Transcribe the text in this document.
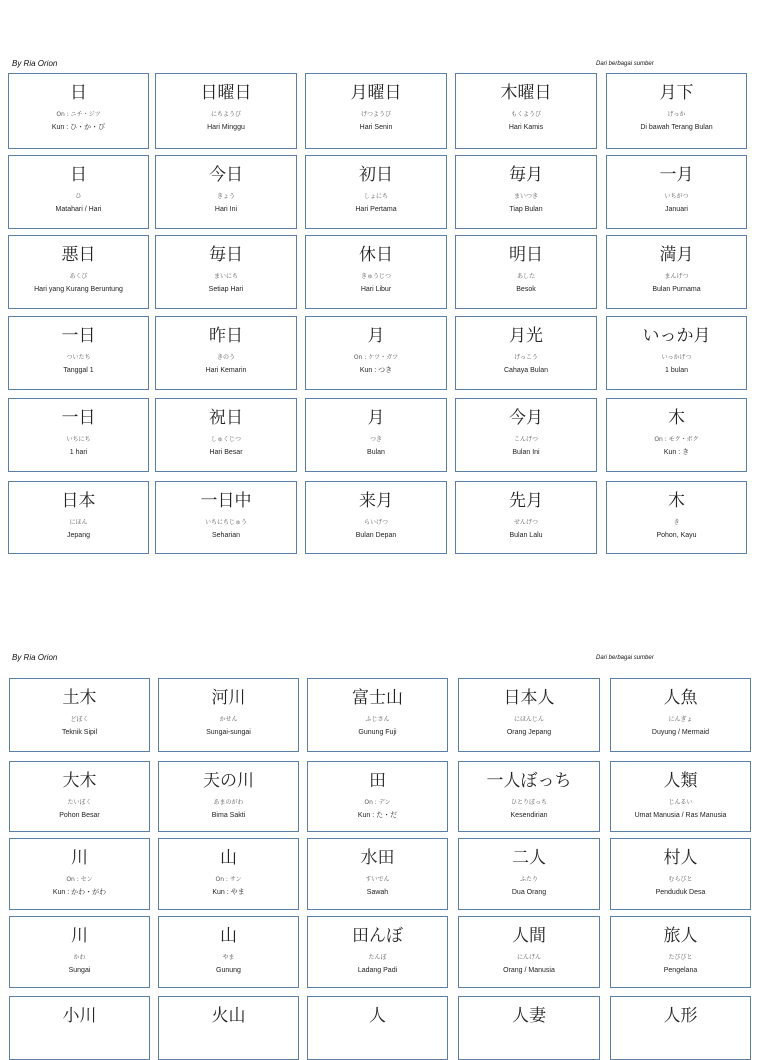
By Ria Orion	Dari berbagai sumber
日
On : ニチ・ジツ
Kun : ひ・か・び
日曜日
にちようび
Hari Minggu
月曜日
げつようび
Hari Senin
木曜日
もくようび
Hari Kamis
月下
げっか
Di bawah Terang Bulan
日
ひ
Matahari / Hari
今日
きょう
Hari Ini
初日
しょにち
Hari Pertama
毎月
まいつき
Tiap Bulan
一月
いちがつ
Januari
悪日
あくび
Hari yang Kurang Beruntung
毎日
まいにち
Setiap Hari
休日
きゅうじつ
Hari Libur
明日
あした
Besok
満月
まんげつ
Bulan Purnama
一日
ついたち
Tanggal 1
昨日
きのう
Hari Kemarin
月
On : ケツ・ガツ
Kun : つき
月光
げっこう
Cahaya Bulan
いっか月
いっかげつ
1 bulan
一日
いちにち
1 hari
祝日
しゅくじつ
Hari Besar
月
つき
Bulan
今月
こんげつ
Bulan Ini
木
On : モク・ボク
Kun : き
日本
にほん
Jepang
一日中
いちにちじゅう
Seharian
来月
らいげつ
Bulan Depan
先月
せんげつ
Bulan Lalu
木
き
Pohon, Kayu
By Ria Orion	Dari berbagai sumber
土木
どぼく
Teknik Sipil
河川
かせん
Sungai-sungai
富士山
ふじさん
Gunung Fuji
日本人
にほんじん
Orang Jepang
人魚
にんぎょ
Duyung / Mermaid
大木
たいぼく
Pohon Besar
天の川
あまのがわ
Bima Sakti
田
On : デン
Kun : た・だ
一人ぼっち
ひとりぼっち
Kesendirian
人類
じんるい
Umat Manusia / Ras Manusia
川
On : セン
Kun : かわ・がわ
山
On : サン
Kun : やま
水田
すいでん
Sawah
二人
ふたり
Dua Orang
村人
むらびと
Penduduk Desa
川
かわ
Sungai
山
やま
Gunung
田んぼ
たんぼ
Ladang Padi
人間
にんげん
Orang / Manusia
旅人
たびびと
Pengelana
小川	火山	人	人妻	人形
